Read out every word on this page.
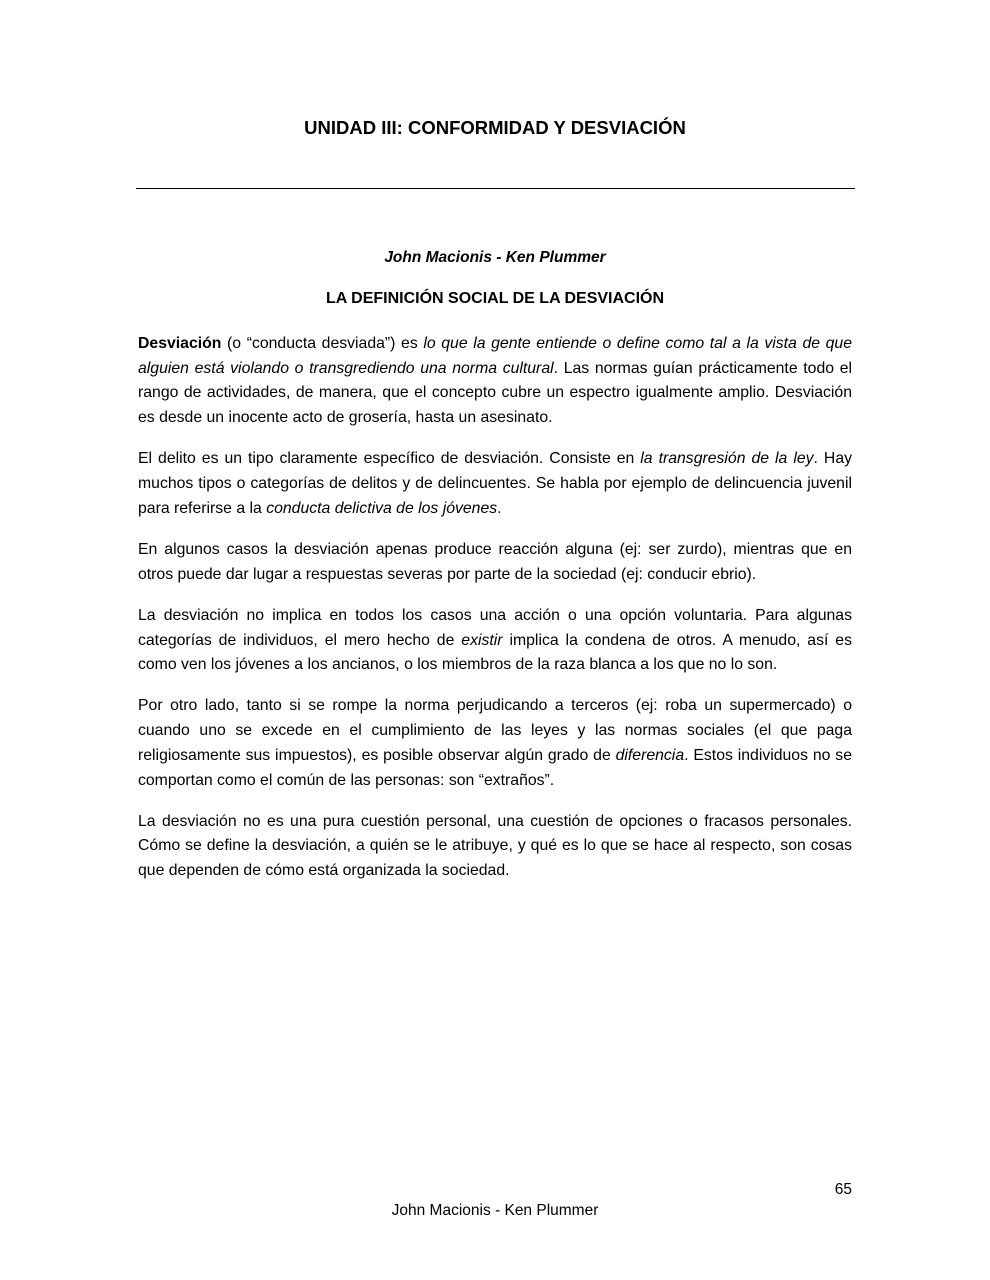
UNIDAD III: CONFORMIDAD Y DESVIACIÓN
John Macionis - Ken Plummer
LA DEFINICIÓN SOCIAL DE LA DESVIACIÓN

Desviación (o “conducta desviada”) es lo que la gente entiende o define como tal a la vista de que alguien está violando o transgrediendo una norma cultural. Las normas guían prácticamente todo el rango de actividades, de manera, que el concepto cubre un espectro igualmente amplio. Desviación es desde un inocente acto de grosería, hasta un asesinato.

El delito es un tipo claramente específico de desviación. Consiste en la transgresión de la ley. Hay muchos tipos o categorías de delitos y de delincuentes. Se habla por ejemplo de delincuencia juvenil para referirse a la conducta delictiva de los jóvenes.

En algunos casos la desviación apenas produce reacción alguna (ej: ser zurdo), mientras que en otros puede dar lugar a respuestas severas por parte de la sociedad (ej: conducir ebrio).

La desviación no implica en todos los casos una acción o una opción voluntaria. Para algunas categorías de individuos, el mero hecho de existir implica la condena de otros. A menudo, así es como ven los jóvenes a los ancianos, o los miembros de la raza blanca a los que no lo son.

Por otro lado, tanto si se rompe la norma perjudicando a terceros (ej: roba un supermercado) o cuando uno se excede en el cumplimiento de las leyes y las normas sociales (el que paga religiosamente sus impuestos), es posible observar algún grado de diferencia. Estos individuos no se comportan como el común de las personas: son “extraños”.

La desviación no es una pura cuestión personal, una cuestión de opciones o fracasos personales. Cómo se define la desviación, a quién se le atribuye, y qué es lo que se hace al respecto, son cosas que dependen de cómo está organizada la sociedad.

65
John Macionis - Ken Plummer
